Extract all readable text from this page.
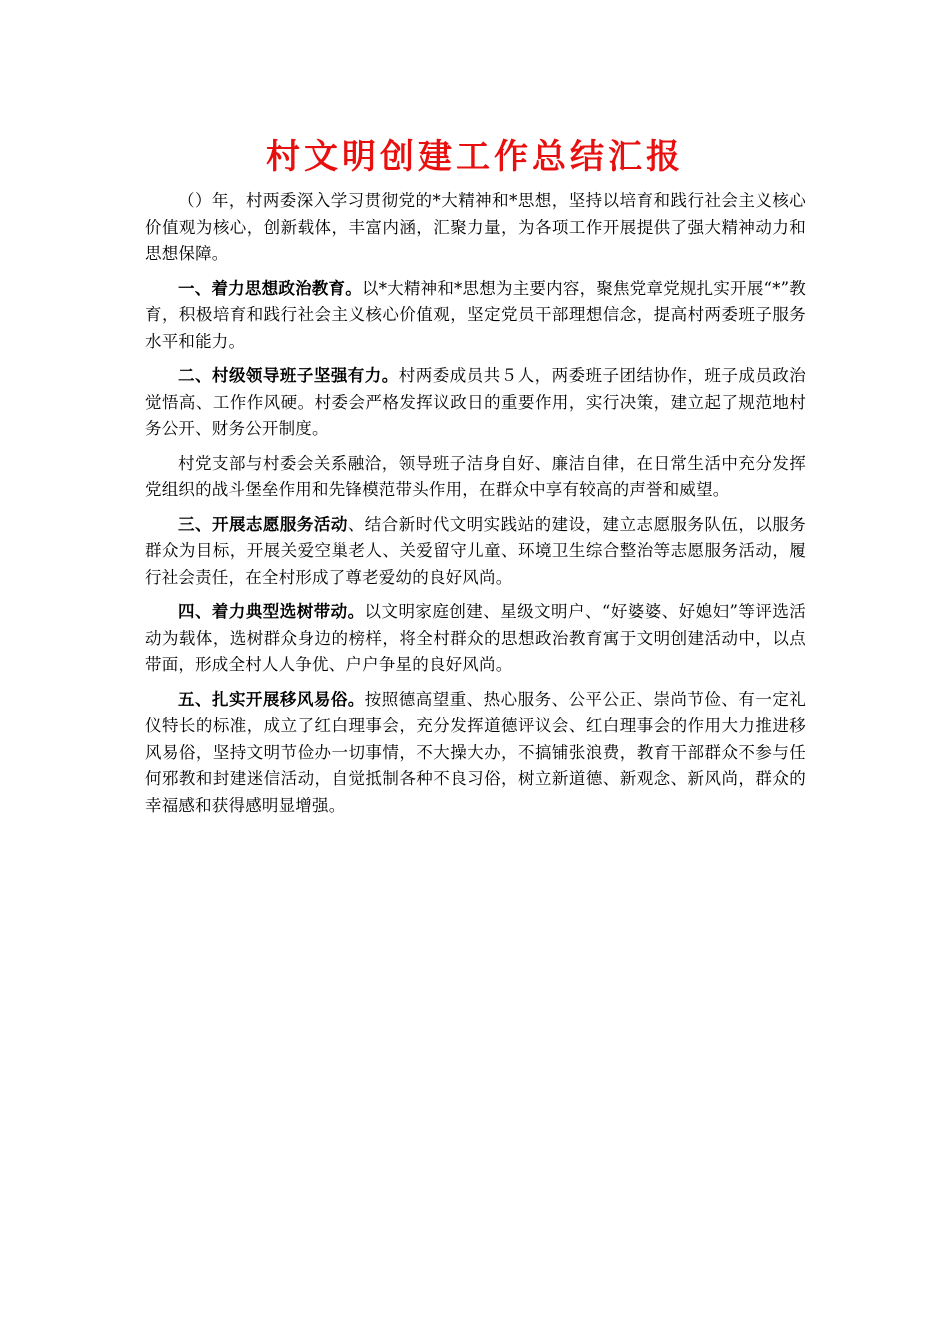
村文明创建工作总结汇报

（）年，村两委深入学习贯彻党的*大精神和*思想，坚持以培育和践行社会主义核心价值观为核心，创新载体，丰富内涵，汇聚力量，为各项工作开展提供了强大精神动力和思想保障。

一、着力思想政治教育。以*大精神和*思想为主要内容，聚焦党章党规扎实开展“*”教育，积极培育和践行社会主义核心价值观，坚定党员干部理想信念，提高村两委班子服务水平和能力。

二、村级领导班子坚强有力。村两委成员共５人，两委班子团结协作，班子成员政治觉悟高、工作作风硬。村委会严格发挥议政日的重要作用，实行决策，建立起了规范地村务公开、财务公开制度。

村党支部与村委会关系融洽，领导班子洁身自好、廉洁自律，在日常生活中充分发挥党组织的战斗堡垒作用和先锋模范带头作用，在群众中享有较高的声誉和威望。

三、开展志愿服务活动、结合新时代文明实践站的建设，建立志愿服务队伍，以服务群众为目标，开展关爱空巢老人、关爱留守儿童、环境卫生综合整治等志愿服务活动，履行社会责任，在全村形成了尊老爱幼的良好风尚。

四、着力典型选树带动。以文明家庭创建、星级文明户、“好婆婆、好媳妇”等评选活动为载体，选树群众身边的榜样，将全村群众的思想政治教育寓于文明创建活动中，以点带面，形成全村人人争优、户户争星的良好风尚。

五、扎实开展移风易俗。按照德高望重、热心服务、公平公正、崇尚节俭、有一定礼仪特长的标准，成立了红白理事会，充分发挥道德评议会、红白理事会的作用大力推进移风易俗，坚持文明节俭办一切事情，不大操大办，不搞铺张浪费，教育干部群众不参与任何邪教和封建迷信活动，自觉抵制各种不良习俗，树立新道德、新观念、新风尚，群众的幸福感和获得感明显增强。
